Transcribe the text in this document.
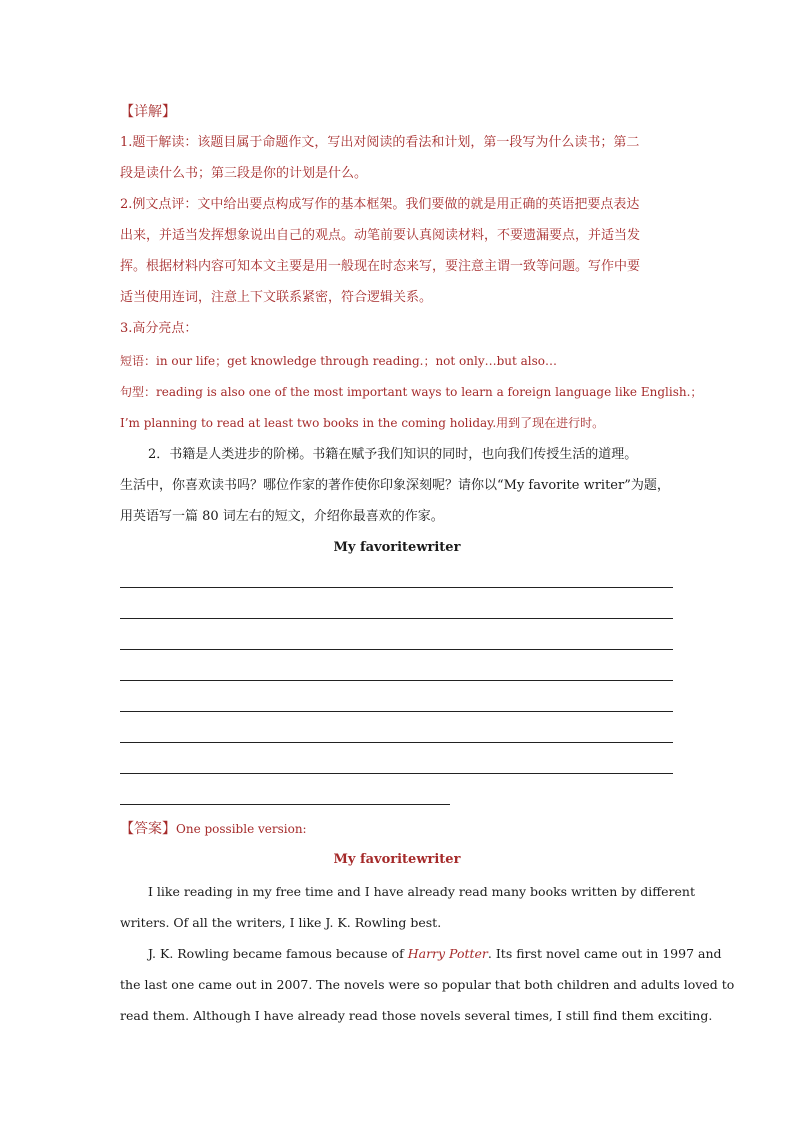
【详解】
1.题干解读：该题目属于命题作文，写出对阅读的看法和计划，第一段写为什么读书；第二
段是读什么书；第三段是你的计划是什么。
2.例文点评：文中给出要点构成写作的基本框架。我们要做的就是用正确的英语把要点表达
出来，并适当发挥想象说出自己的观点。动笔前要认真阅读材料，不要遗漏要点，并适当发
挥。根据材料内容可知本文主要是用一般现在时态来写，要注意主谓一致等问题。写作中要
适当使用连词，注意上下文联系紧密，符合逻辑关系。
3.高分亮点：
短语：in our life；get knowledge through reading.；not only…but also…
句型：reading is also one of the most important ways to learn a foreign language like English.；
I’m planning to read at least two books in the coming holiday.用到了现在进行时。
2．书籍是人类进步的阶梯。书籍在赋予我们知识的同时，也向我们传授生活的道理。
生活中，你喜欢读书吗？哪位作家的著作使你印象深刻呢？请你以“My favorite writer”为题，
用英语写一篇 80 词左右的短文，介绍你最喜欢的作家。
My favoritewriter
【答案】One possible version:
My favoritewriter
I like reading in my free time and I have already read many books written by different
writers. Of all the writers, I like J. K. Rowling best.
J. K. Rowling became famous because of Harry Potter. Its first novel came out in 1997 and
the last one came out in 2007. The novels were so popular that both children and adults loved to
read them. Although I have already read those novels several times, I still find them exciting.
